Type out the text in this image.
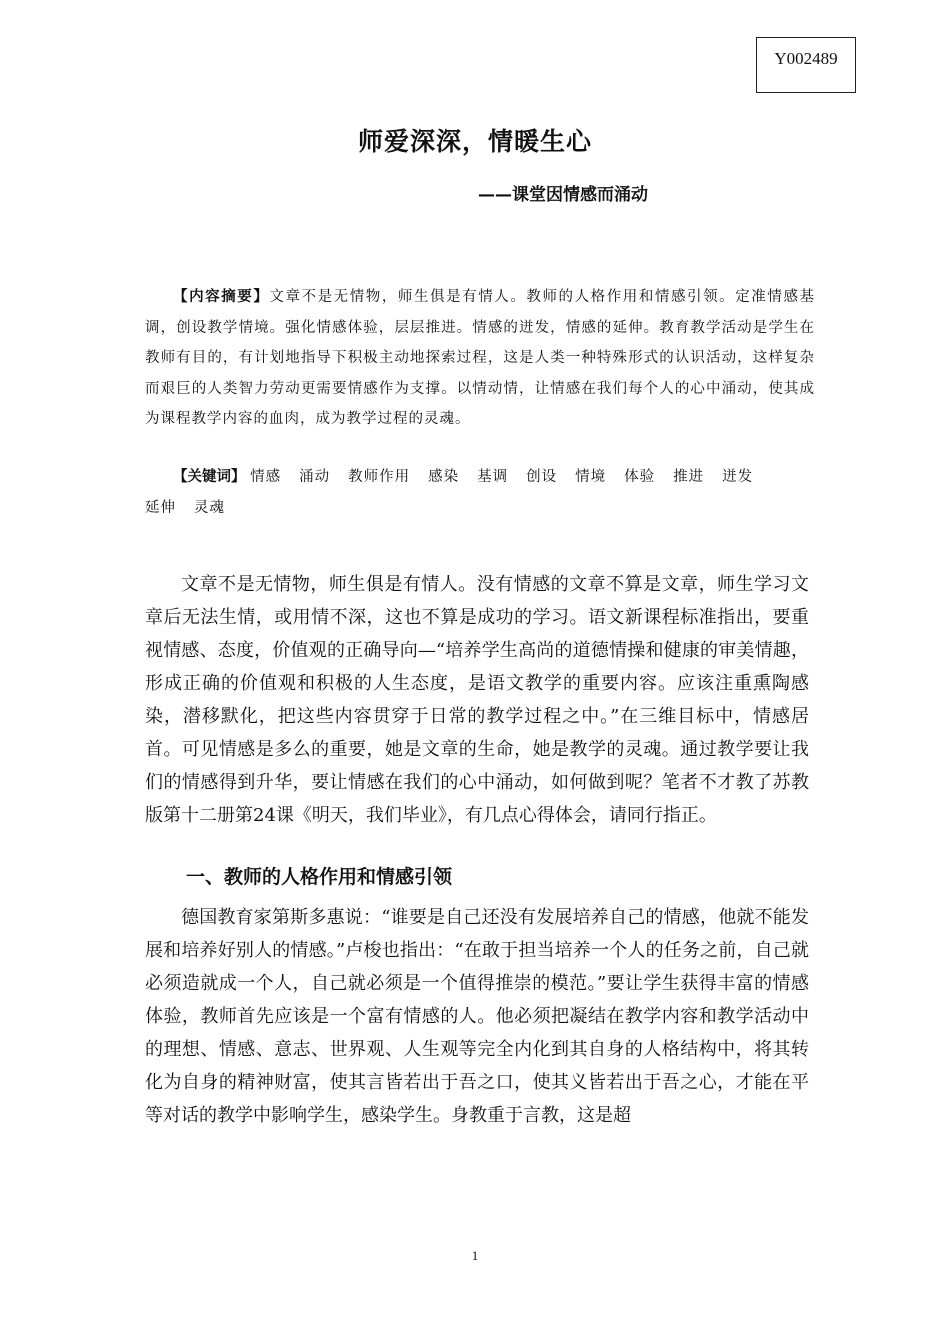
Y002489
师爱深深，情暖生心
——课堂因情感而涌动

【内容摘要】文章不是无情物，师生俱是有情人。教师的人格作用和情感引领。定准情感基调，创设教学情境。强化情感体验，层层推进。情感的迸发，情感的延伸。教育教学活动是学生在教师有目的，有计划地指导下积极主动地探索过程，这是人类一种特殊形式的认识活动，这样复杂而艰巨的人类智力劳动更需要情感作为支撑。以情动情，让情感在我们每个人的心中涌动，使其成为课程教学内容的血肉，成为教学过程的灵魂。

【关键词】 情感 涌动 教师作用 感染 基调 创设 情境 体验 推进 迸发延伸 灵魂

文章不是无情物，师生俱是有情人。没有情感的文章不算是文章，师生学习文章后无法生情，或用情不深，这也不算是成功的学习。语文新课程标准指出，要重视情感、态度，价值观的正确导向—“培养学生高尚的道德情操和健康的审美情趣，形成正确的价值观和积极的人生态度，是语文教学的重要内容。应该注重熏陶感染，潜移默化，把这些内容贯穿于日常的教学过程之中。”在三维目标中，情感居首。可见情感是多么的重要，她是文章的生命，她是教学的灵魂。通过教学要让我们的情感得到升华，要让情感在我们的心中涌动，如何做到呢？笔者不才教了苏教版第十二册第24课《明天，我们毕业》，有几点心得体会，请同行指正。

一、教师的人格作用和情感引领

德国教育家第斯多惠说：“谁要是自己还没有发展培养自己的情感，他就不能发展和培养好别人的情感。”卢梭也指出：“在敢于担当培养一个人的任务之前，自己就必须造就成一个人，自己就必须是一个值得推崇的模范。”要让学生获得丰富的情感体验，教师首先应该是一个富有情感的人。他必须把凝结在教学内容和教学活动中的理想、情感、意志、世界观、人生观等完全内化到其自身的人格结构中，将其转化为自身的精神财富，使其言皆若出于吾之口，使其义皆若出于吾之心，才能在平等对话的教学中影响学生，感染学生。身教重于言教，这是超

1
